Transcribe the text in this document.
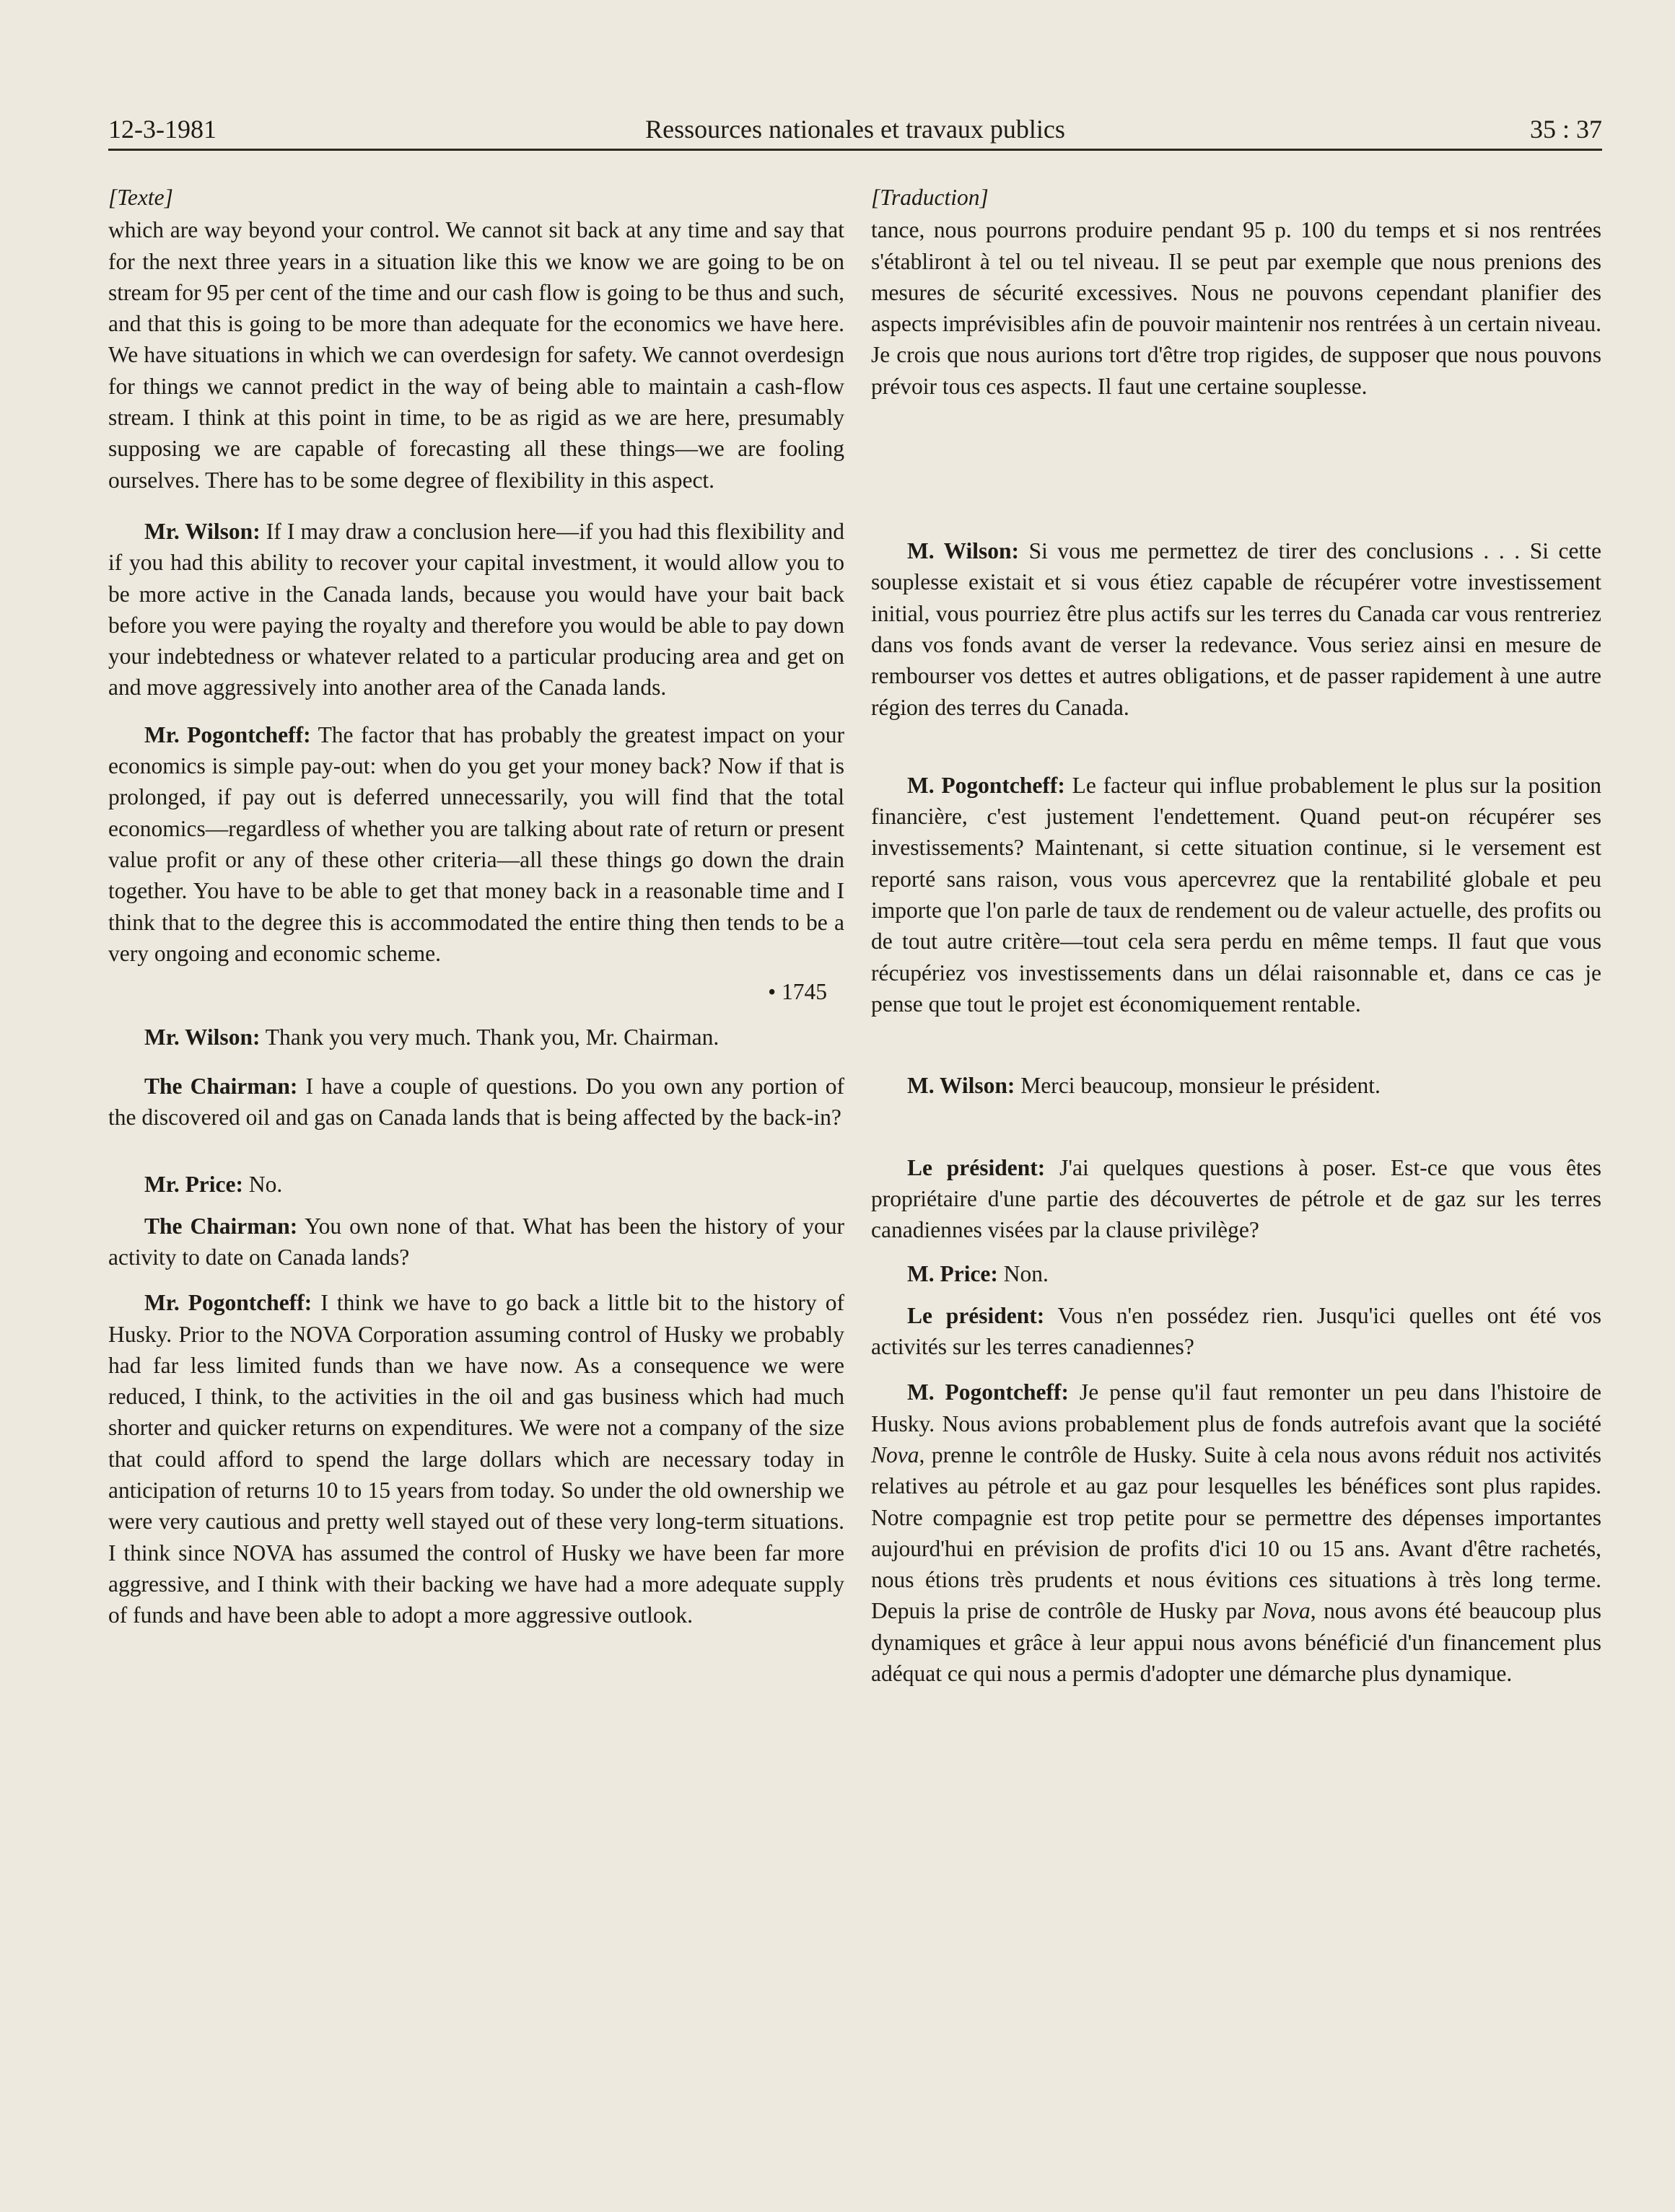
12-3-1981	Ressources nationales et travaux publics	35 : 37
[Texte]

which are way beyond your control. We cannot sit back at any time and say that for the next three years in a situation like this we know we are going to be on stream for 95 per cent of the time and our cash flow is going to be thus and such, and that this is going to be more than adequate for the economics we have here. We have situations in which we can overdesign for safety. We cannot overdesign for things we cannot predict in the way of being able to maintain a cash-flow stream. I think at this point in time, to be as rigid as we are here, presumably supposing we are capable of forecasting all these things—we are fooling ourselves. There has to be some degree of flexibility in this aspect.

Mr. Wilson: If I may draw a conclusion here—if you had this flexibility and if you had this ability to recover your capital investment, it would allow you to be more active in the Canada lands, because you would have your bait back before you were paying the royalty and therefore you would be able to pay down your indebtedness or whatever related to a particular producing area and get on and move aggressively into another area of the Canada lands.

Mr. Pogontcheff: The factor that has probably the greatest impact on your economics is simple pay-out: when do you get your money back? Now if that is prolonged, if pay out is deferred unnecessarily, you will find that the total economics—regardless of whether you are talking about rate of return or present value profit or any of these other criteria—all these things go down the drain together. You have to be able to get that money back in a reasonable time and I think that to the degree this is accommodated the entire thing then tends to be a very ongoing and economic scheme.

• 1745

Mr. Wilson: Thank you very much. Thank you, Mr. Chairman.

The Chairman: I have a couple of questions. Do you own any portion of the discovered oil and gas on Canada lands that is being affected by the back-in?

Mr. Price: No.

The Chairman: You own none of that. What has been the history of your activity to date on Canada lands?

Mr. Pogontcheff: I think we have to go back a little bit to the history of Husky. Prior to the NOVA Corporation assuming control of Husky we probably had far less limited funds than we have now. As a consequence we were reduced, I think, to the activities in the oil and gas business which had much shorter and quicker returns on expenditures. We were not a company of the size that could afford to spend the large dollars which are necessary today in anticipation of returns 10 to 15 years from today. So under the old ownership we were very cautious and pretty well stayed out of these very long-term situations. I think since NOVA has assumed the control of Husky we have been far more aggressive, and I think with their backing we have had a more adequate supply of funds and have been able to adopt a more aggressive outlook.

[Traduction]

tance, nous pourrons produire pendant 95 p. 100 du temps et si nos rentrées s'établiront à tel ou tel niveau. Il se peut par exemple que nous prenions des mesures de sécurité excessives. Nous ne pouvons cependant planifier des aspects imprévisibles afin de pouvoir maintenir nos rentrées à un certain niveau. Je crois que nous aurions tort d'être trop rigides, de supposer que nous pouvons prévoir tous ces aspects. Il faut une certaine souplesse.

M. Wilson: Si vous me permettez de tirer des conclusions . . . Si cette souplesse existait et si vous étiez capable de récupérer votre investissement initial, vous pourriez être plus actifs sur les terres du Canada car vous rentreriez dans vos fonds avant de verser la redevance. Vous seriez ainsi en mesure de rembourser vos dettes et autres obligations, et de passer rapidement à une autre région des terres du Canada.

M. Pogontcheff: Le facteur qui influe probablement le plus sur la position financière, c'est justement l'endettement. Quand peut-on récupérer ses investissements? Maintenant, si cette situation continue, si le versement est reporté sans raison, vous vous apercevrez que la rentabilité globale et peu importe que l'on parle de taux de rendement ou de valeur actuelle, des profits ou de tout autre critère—tout cela sera perdu en même temps. Il faut que vous récupériez vos investissements dans un délai raisonnable et, dans ce cas je pense que tout le projet est économiquement rentable.

M. Wilson: Merci beaucoup, monsieur le président.

Le président: J'ai quelques questions à poser. Est-ce que vous êtes propriétaire d'une partie des découvertes de pétrole et de gaz sur les terres canadiennes visées par la clause privilège?

M. Price: Non.

Le président: Vous n'en possédez rien. Jusqu'ici quelles ont été vos activités sur les terres canadiennes?

M. Pogontcheff: Je pense qu'il faut remonter un peu dans l'histoire de Husky. Nous avions probablement plus de fonds autrefois avant que la société Nova, prenne le contrôle de Husky. Suite à cela nous avons réduit nos activités relatives au pétrole et au gaz pour lesquelles les bénéfices sont plus rapides. Notre compagnie est trop petite pour se permettre des dépenses importantes aujourd'hui en prévision de profits d'ici 10 ou 15 ans. Avant d'être rachetés, nous étions très prudents et nous évitions ces situations à très long terme. Depuis la prise de contrôle de Husky par Nova, nous avons été beaucoup plus dynamiques et grâce à leur appui nous avons bénéficié d'un financement plus adéquat ce qui nous a permis d'adopter une démarche plus dynamique.
